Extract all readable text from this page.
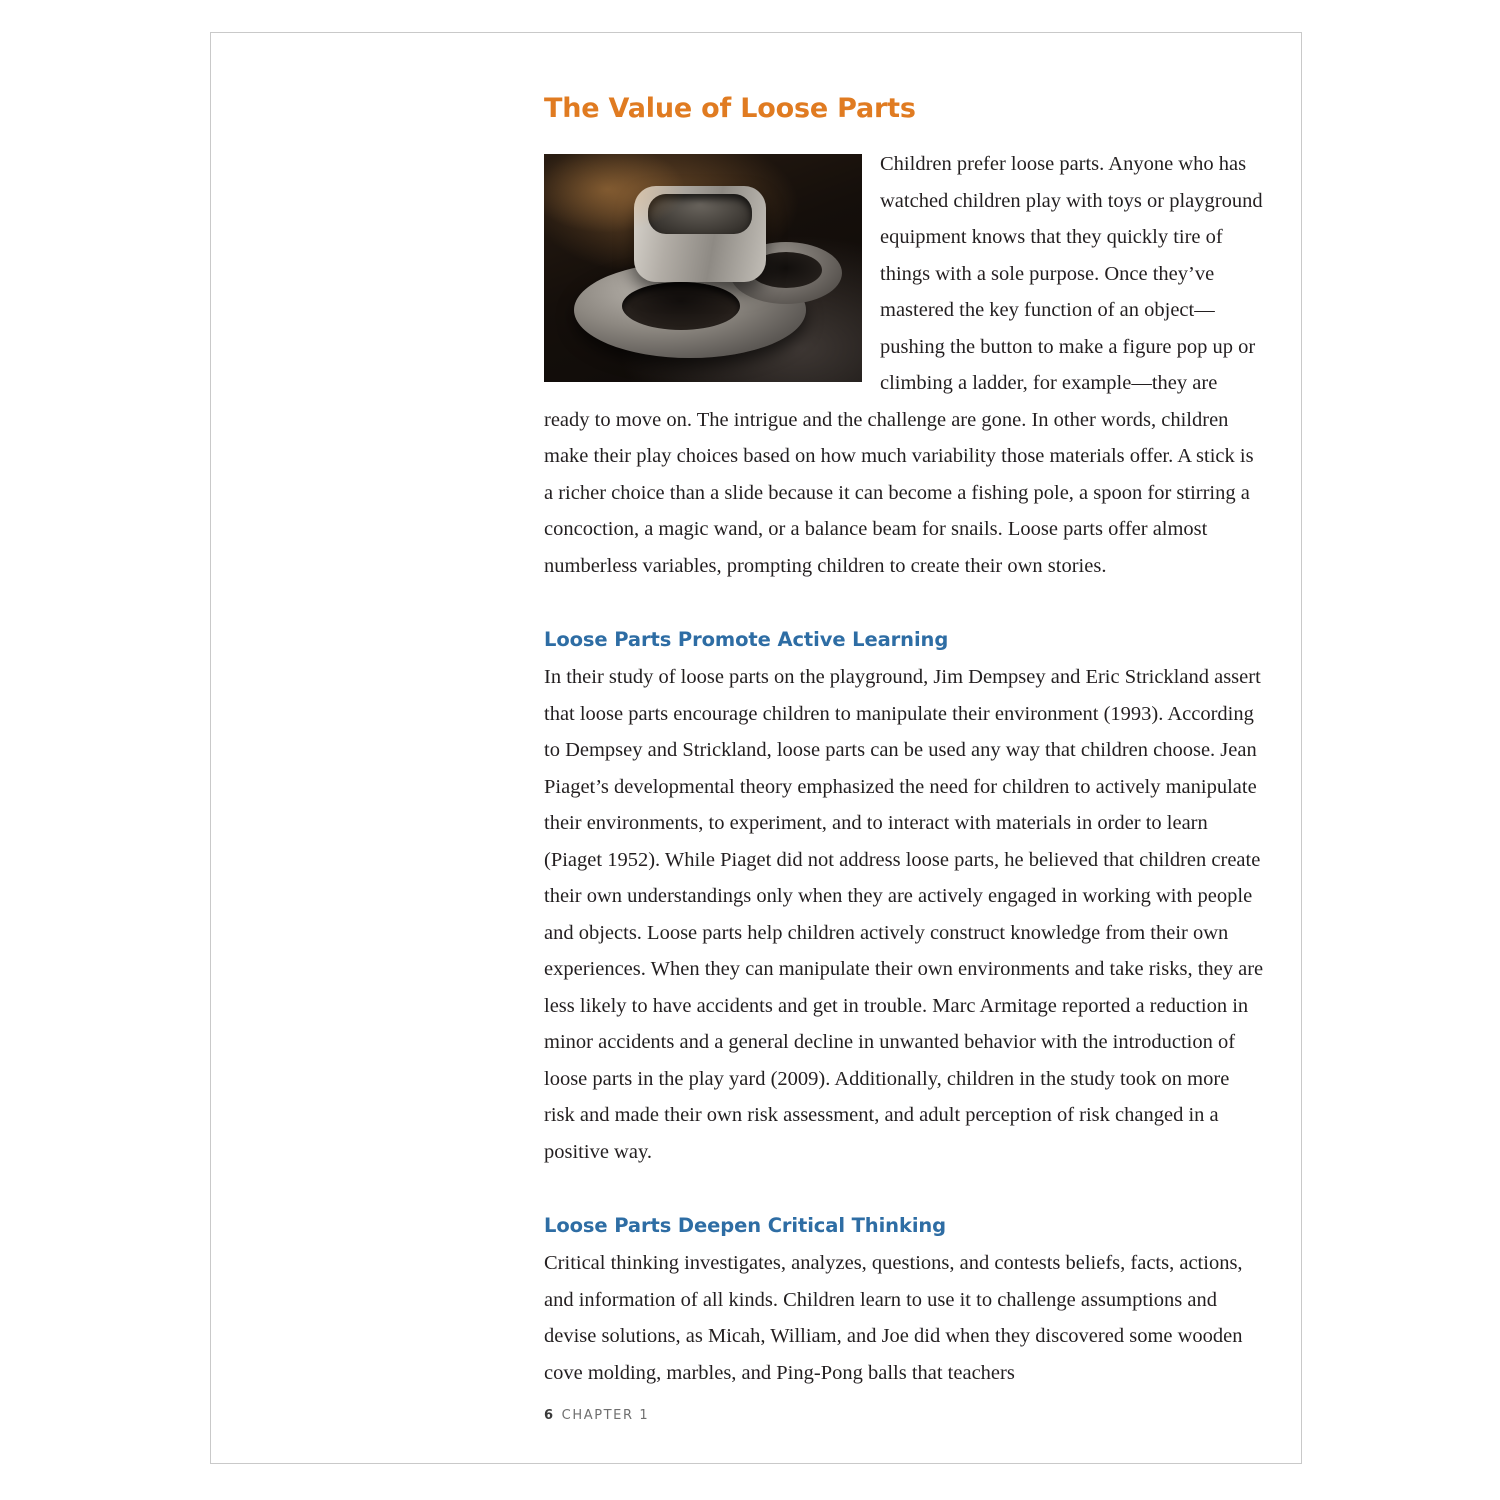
The Value of Loose Parts

Children prefer loose parts. Anyone who has watched children play with toys or playground equipment knows that they quickly tire of things with a sole purpose. Once they’ve mastered the key function of an object—pushing the button to make a figure pop up or climbing a ladder, for example—they are ready to move on. The intrigue and the challenge are gone. In other words, children make their play choices based on how much variability those materials offer. A stick is a richer choice than a slide because it can become a fishing pole, a spoon for stirring a concoction, a magic wand, or a balance beam for snails. Loose parts offer almost numberless variables, prompting children to create their own stories.

Loose Parts Promote Active Learning

In their study of loose parts on the playground, Jim Dempsey and Eric Strickland assert that loose parts encourage children to manipulate their environment (1993). According to Dempsey and Strickland, loose parts can be used any way that children choose. Jean Piaget’s developmental theory emphasized the need for children to actively manipulate their environments, to experiment, and to interact with materials in order to learn (Piaget 1952). While Piaget did not address loose parts, he believed that children create their own understandings only when they are actively engaged in working with people and objects. Loose parts help children actively construct knowledge from their own experiences. When they can manipulate their own environments and take risks, they are less likely to have accidents and get in trouble. Marc Armitage reported a reduction in minor accidents and a general decline in unwanted behavior with the introduction of loose parts in the play yard (2009). Additionally, children in the study took on more risk and made their own risk assessment, and adult perception of risk changed in a positive way.

Loose Parts Deepen Critical Thinking

Critical thinking investigates, analyzes, questions, and contests beliefs, facts, actions, and information of all kinds. Children learn to use it to challenge assumptions and devise solutions, as Micah, William, and Joe did when they discovered some wooden cove molding, marbles, and Ping-Pong balls that teachers

6 CHAPTER 1
